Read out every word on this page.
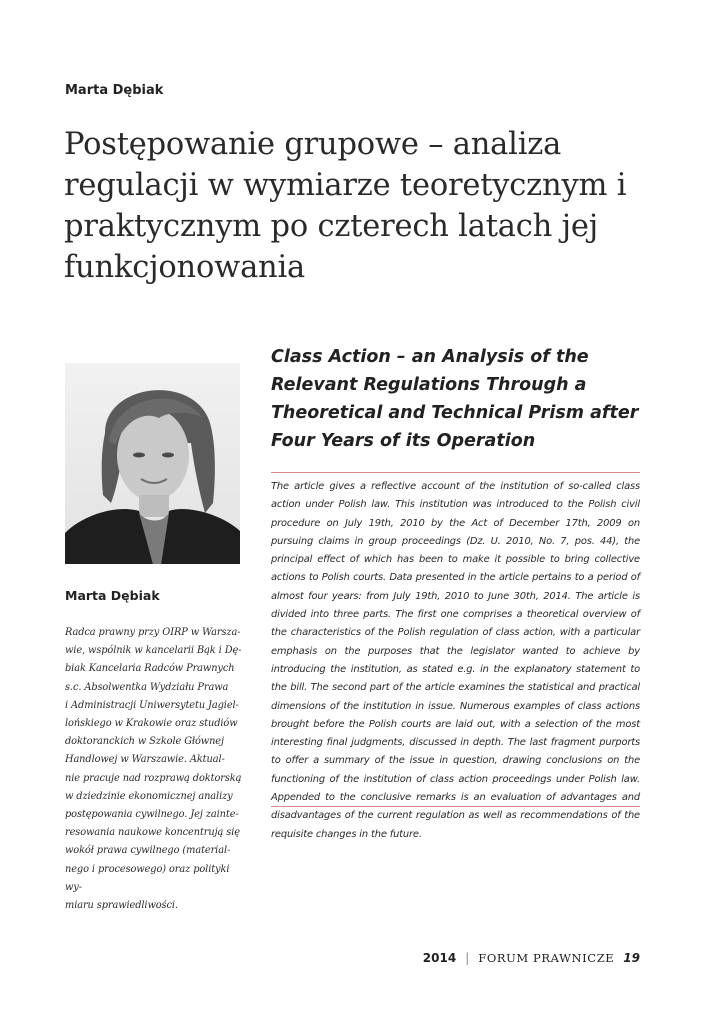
Marta Dębiak
Postępowanie grupowe – analiza regulacji w wymiarze teoretycznym i praktycznym po czterech latach jej funkcjonowania
Marta Dębiak

Radca prawny przy OIRP w Warsza-
wie, wspólnik w kancelarii Bąk i Dę-
biak Kancelaria Radców Prawnych
s.c. Absolwentka Wydziału Prawa
i Administracji Uniwersytetu Jagiel-
lońskiego w Krakowie oraz studiów
doktoranckich w Szkole Głównej
Handlowej w Warszawie. Aktual-
nie pracuje nad rozprawą doktorską
w dziedzinie ekonomicznej analizy
postępowania cywilnego. Jej zainte-
resowania naukowe koncentrują się
wokół prawa cywilnego (material-
nego i procesowego) oraz polityki wy-
miaru sprawiedliwości.

Class Action – an Analysis of the Relevant Regulations Through a Theoretical and Technical Prism after Four Years of its Operation

The article gives a reflective account of the institution of so-called class action under Polish law. This institution was introduced to the Polish civil procedure on July 19th, 2010 by the Act of December 17th, 2009 on pursuing claims in group proceedings (Dz. U. 2010, No. 7, pos. 44), the principal effect of which has been to make it possible to bring collective actions to Polish courts. Data presented in the article pertains to a period of almost four years: from July 19th, 2010 to June 30th, 2014. The article is divided into three parts. The first one comprises a theoretical overview of the characteristics of the Polish regulation of class action, with a particular emphasis on the purposes that the legislator wanted to achieve by introducing the institution, as stated e.g. in the explanatory statement to the bill. The second part of the article examines the statistical and practical dimensions of the institution in issue. Numerous examples of class actions brought before the Polish courts are laid out, with a selection of the most interesting final judgments, discussed in depth. The last fragment purports to offer a summary of the issue in question, drawing conclusions on the functioning of the institution of class action proceedings under Polish law. Appended to the conclusive remarks is an evaluation of advantages and disadvantages of the current regulation as well as recommendations of the requisite changes in the future.

2014 | FORUM PRAWNICZE 19
